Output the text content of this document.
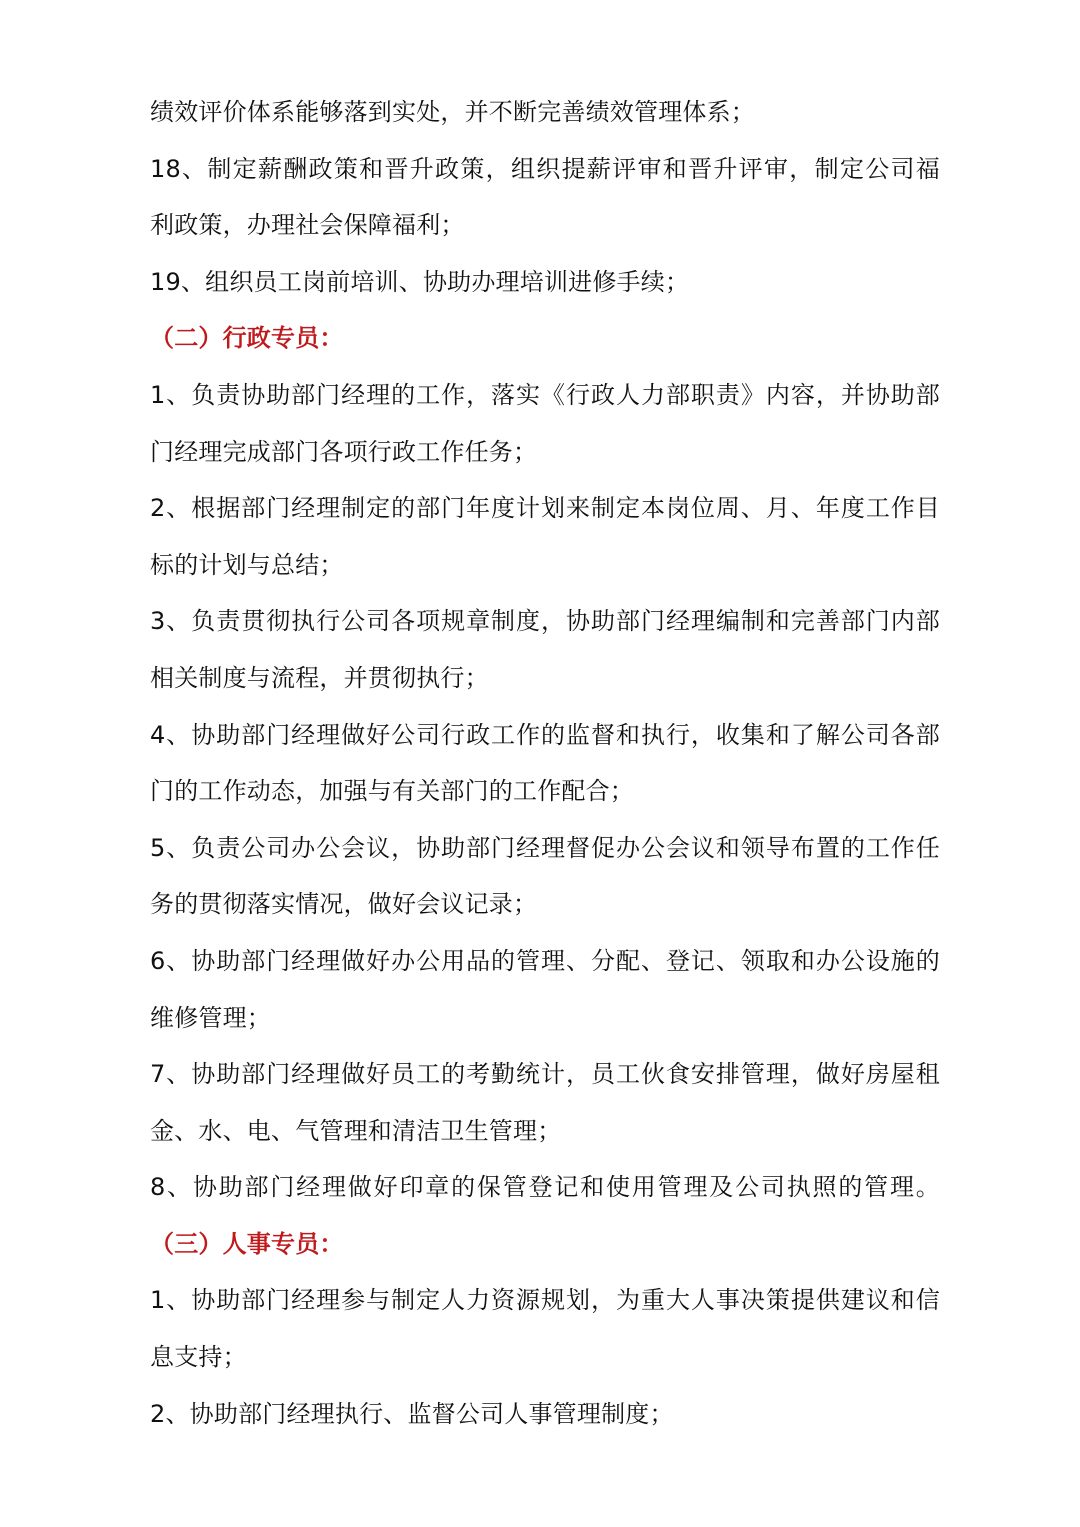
绩效评价体系能够落到实处，并不断完善绩效管理体系；
18、制定薪酬政策和晋升政策，组织提薪评审和晋升评审，制定公司福
利政策，办理社会保障福利；
19、组织员工岗前培训、协助办理培训进修手续；
（二）行政专员：
1、负责协助部门经理的工作，落实《行政人力部职责》内容，并协助部
门经理完成部门各项行政工作任务；
2、根据部门经理制定的部门年度计划来制定本岗位周、月、年度工作目
标的计划与总结；
3、负责贯彻执行公司各项规章制度，协助部门经理编制和完善部门内部
相关制度与流程，并贯彻执行；
4、协助部门经理做好公司行政工作的监督和执行，收集和了解公司各部
门的工作动态，加强与有关部门的工作配合；
5、负责公司办公会议，协助部门经理督促办公会议和领导布置的工作任
务的贯彻落实情况，做好会议记录；
6、协助部门经理做好办公用品的管理、分配、登记、领取和办公设施的
维修管理；
7、协助部门经理做好员工的考勤统计，员工伙食安排管理，做好房屋租
金、水、电、气管理和清洁卫生管理；
8、协助部门经理做好印章的保管登记和使用管理及公司执照的管理。
（三）人事专员：
1、协助部门经理参与制定人力资源规划，为重大人事决策提供建议和信
息支持；
2、协助部门经理执行、监督公司人事管理制度；
